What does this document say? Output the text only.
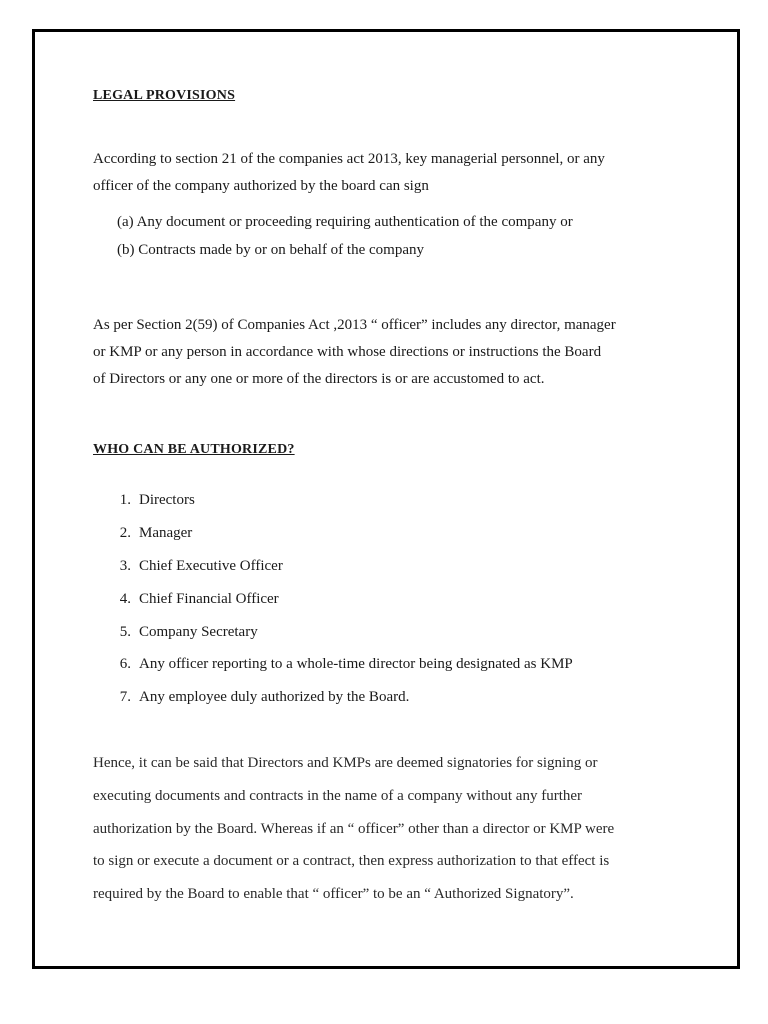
LEGAL PROVISIONS
According to section 21 of the companies act 2013, key managerial personnel, or any
officer of the company authorized by the board can sign
(a) Any document or proceeding requiring authentication of the company or
(b) Contracts made by or on behalf of the company
As per Section 2(59) of Companies Act ,2013 “ officer” includes any director, manager
or KMP or any person in accordance with whose directions or instructions the Board
of Directors or any one or more of the directors is or are accustomed to act.
WHO CAN BE AUTHORIZED?
1. Directors
2. Manager
3. Chief Executive Officer
4. Chief Financial Officer
5. Company Secretary
6. Any officer reporting to a whole-time director being designated as KMP
7. Any employee duly authorized by the Board.
Hence, it can be said that Directors and KMPs are deemed signatories for signing or
executing documents and contracts in the name of a company without any further
authorization by the Board. Whereas if an “ officer” other than a director or KMP were
to sign or execute a document or a contract, then express authorization to that effect is
required by the Board to enable that “ officer” to be an “ Authorized Signatory”.
